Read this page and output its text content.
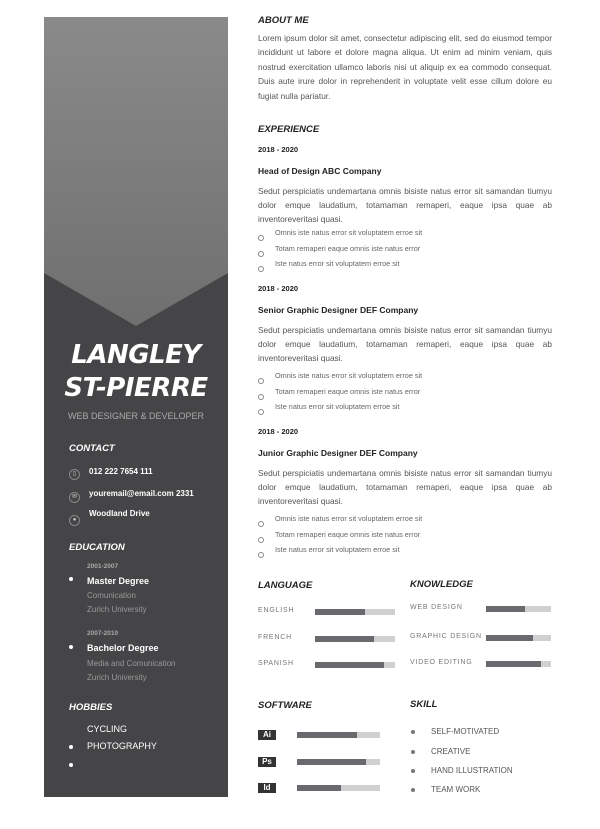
LANGLEY
ST-PIERRE
WEB DESIGNER & DEVELOPER
CONTACT
▯	012 222 7654 111
✉	youremail@email.com 2331
●
Woodland Drive
EDUCATION
2001-2007
Master Degree
Comunication
Zurich University
2007-2010
Bachelor Degree
Media and Comunication
Zurich University
HOBBIES
CYCLING
PHOTOGRAPHY
ABOUT ME
Lorem ipsum dolor sit amet, consectetur adipiscing elit, sed do eiusmod tempor incididunt ut labore et dolore magna aliqua. Ut enim ad minim veniam, quis nostrud exercitation ullamco laboris nisi ut aliquip ex ea commodo consequat. Duis aute irure dolor in reprehenderit in voluptate velit esse cillum dolore eu fugiat nulla pariatur.
EXPERIENCE
2018 - 2020
Head of Design ABC Company
Sedut perspiciatis undemartana omnis bisiste natus error sit samandan tiumyu dolor emque laudatium, totamaman remaperi, eaque ipsa quae ab inventoreveritasi quasi.
Omnis iste natus error sit voluptatem erroe sit
Totam remaperi eaque omnis iste natus error
Iste natus error sit voluptatem erroe sit
2018 - 2020
Senior Graphic Designer DEF Company
Sedut perspiciatis undemartana omnis bisiste natus error sit samandan tiumyu dolor emque laudatium, totamaman remaperi, eaque ipsa quae ab inventoreveritasi quasi.
Omnis iste natus error sit voluptatem erroe sit
Totam remaperi eaque omnis iste natus error
Iste natus error sit voluptatem erroe sit
2018 - 2020
Junior Graphic Designer DEF Company
Sedut perspiciatis undemartana omnis bisiste natus error sit samandan tiumyu dolor emque laudatium, totamaman remaperi, eaque ipsa quae ab inventoreveritasi quasi.
Omnis iste natus error sit voluptatem erroe sit
Totam remaperi eaque omnis iste natus error
Iste natus error sit voluptatem erroe sit
LANGUAGE	KNOWLEDGE
SOFTWARE	SKILL
ENGLISH
FRENCH
SPANISH
WEB DESIGN
GRAPHIC DESIGN
VIDEO EDITING
Ai
Ps
Id
SELF-MOTIVATED
CREATIVE
HAND ILLUSTRATION
TEAM WORK
